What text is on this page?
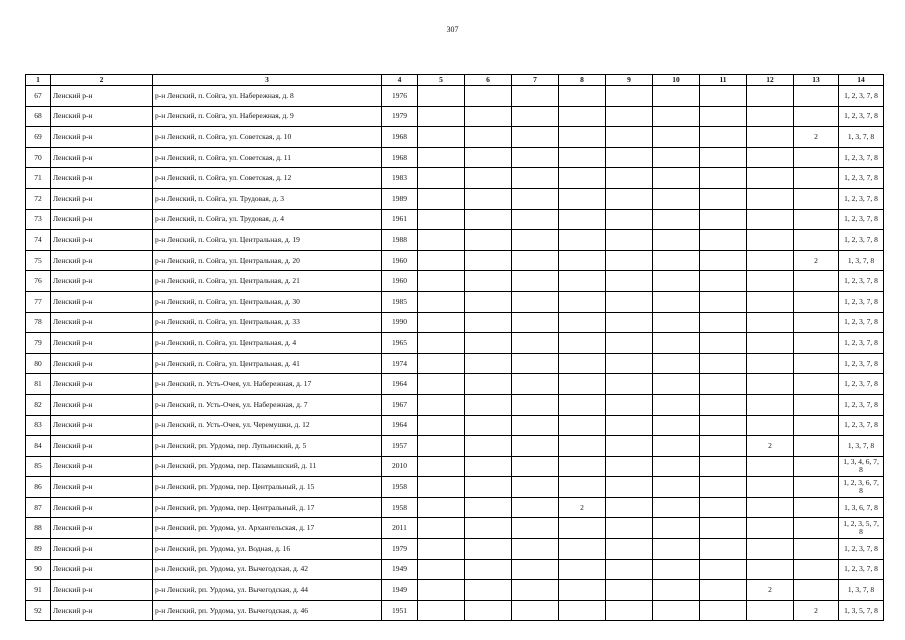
307
1	2	3	4	5	6	7	8	9	10	11	12	13	14
67	Ленский р-н	р-н Ленский, п. Сойга, ул. Набережная, д. 8	1976										1, 2, 3, 7, 8
68	Ленский р-н	р-н Ленский, п. Сойга, ул. Набережная, д. 9	1979										1, 2, 3, 7, 8
69	Ленский р-н	р-н Ленский, п. Сойга, ул. Советская, д. 10	1968									2	1, 3, 7, 8
70	Ленский р-н	р-н Ленский, п. Сойга, ул. Советская, д. 11	1968										1, 2, 3, 7, 8
71	Ленский р-н	р-н Ленский, п. Сойга, ул. Советская, д. 12	1983										1, 2, 3, 7, 8
72	Ленский р-н	р-н Ленский, п. Сойга, ул. Трудовая, д. 3	1989										1, 2, 3, 7, 8
73	Ленский р-н	р-н Ленский, п. Сойга, ул. Трудовая, д. 4	1961										1, 2, 3, 7, 8
74	Ленский р-н	р-н Ленский, п. Сойга, ул. Центральная, д. 19	1988										1, 2, 3, 7, 8
75	Ленский р-н	р-н Ленский, п. Сойга, ул. Центральная, д. 20	1960									2	1, 3, 7, 8
76	Ленский р-н	р-н Ленский, п. Сойга, ул. Центральная, д. 21	1960										1, 2, 3, 7, 8
77	Ленский р-н	р-н Ленский, п. Сойга, ул. Центральная, д. 30	1985										1, 2, 3, 7, 8
78	Ленский р-н	р-н Ленский, п. Сойга, ул. Центральная, д. 33	1990										1, 2, 3, 7, 8
79	Ленский р-н	р-н Ленский, п. Сойга, ул. Центральная, д. 4	1965										1, 2, 3, 7, 8
80	Ленский р-н	р-н Ленский, п. Сойга, ул. Центральная, д. 41	1974										1, 2, 3, 7, 8
81	Ленский р-н	р-н Ленский, п. Усть-Очея, ул. Набережная, д. 17	1964										1, 2, 3, 7, 8
82	Ленский р-н	р-н Ленский, п. Усть-Очея, ул. Набережная, д. 7	1967										1, 2, 3, 7, 8
83	Ленский р-н	р-н Ленский, п. Усть-Очея, ул. Черемушки, д. 12	1964										1, 2, 3, 7, 8
84	Ленский р-н	р-н Ленский, рп. Урдома, пер. Лупьинский, д. 5	1957								2		1, 3, 7, 8
85	Ленский р-н	р-н Ленский, рп. Урдома, пер. Пазамышский, д. 11	2010										1, 3, 4, 6, 7, 8
86	Ленский р-н	р-н Ленский, рп. Урдома, пер. Центральный, д. 15	1958										1, 2, 3, 6, 7, 8
87	Ленский р-н	р-н Ленский, рп. Урдома, пер. Центральный, д. 17	1958				2						1, 3, 6, 7, 8
88	Ленский р-н	р-н Ленский, рп. Урдома, ул. Архангельская, д. 17	2011										1, 2, 3, 5, 7, 8
89	Ленский р-н	р-н Ленский, рп. Урдома, ул. Водная, д. 16	1979										1, 2, 3, 7, 8
90	Ленский р-н	р-н Ленский, рп. Урдома, ул. Вычегодская, д. 42	1949										1, 2, 3, 7, 8
91	Ленский р-н	р-н Ленский, рп. Урдома, ул. Вычегодская, д. 44	1949								2		1, 3, 7, 8
92	Ленский р-н	р-н Ленский, рп. Урдома, ул. Вычегодская, д. 46	1951									2	1, 3, 5, 7, 8
